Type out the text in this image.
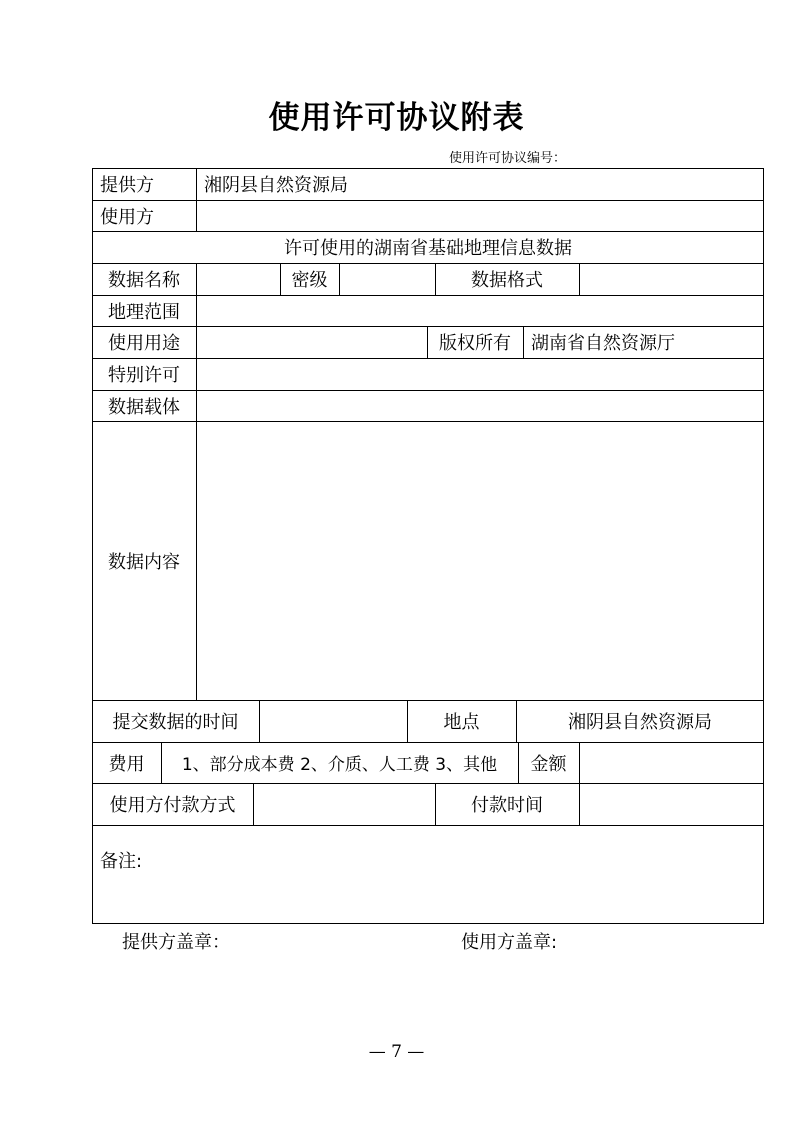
使用许可协议附表
使用许可协议编号：
提供方	湘阴县自然资源局
使用方
许可使用的湖南省基础地理信息数据
数据名称	密级	数据格式
地理范围
使用用途	版权所有	湖南省自然资源厅
特别许可
数据载体
数据内容
提交数据的时间	地点	湘阴县自然资源局
费用	1、部分成本费 2、介质、人工费 3、其他	金额
使用方付款方式	付款时间
备注:
提供方盖章：	使用方盖章:
— 7 —
